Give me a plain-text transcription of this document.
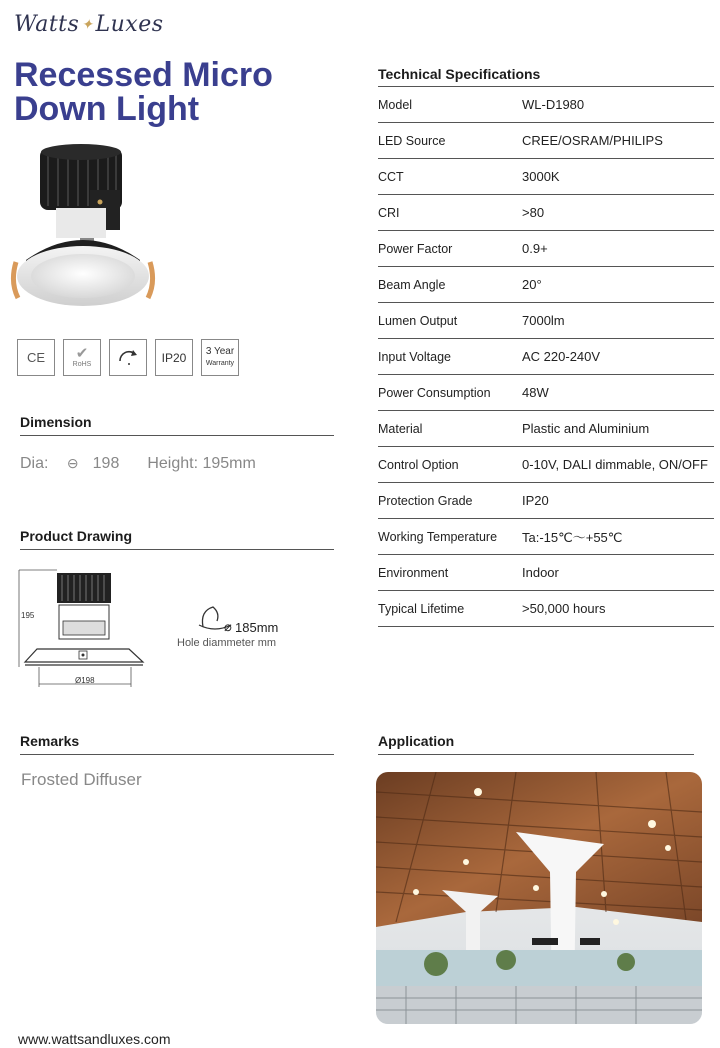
Watts ✦Luxes
Recessed Micro
Down Light
CE ✔
RoHS	IP20 3 Year
Warranty
Dimension
Dia: ⊖ 198 Height: 195mm
Product Drawing
195
Ø198
⌀ 185mm
Hole diammeter mm
Remarks
Frosted Diffuser
Application
www.wattsandluxes.com
Technical Specifications
Model	WL-D1980
LED Source	CREE/OSRAM/PHILIPS
CCT	3000K
CRI	>80
Power Factor	0.9+
Beam Angle	20°
Lumen Output	7000lm
Input Voltage	AC 220-240V
Power Consumption	48W
Material	Plastic and Aluminium
Control Option	0-10V, DALI dimmable, ON/OFF
Protection Grade	IP20
Working Temperature	Ta:-15℃～+55℃
Environment	Indoor
Typical Lifetime	>50,000 hours
